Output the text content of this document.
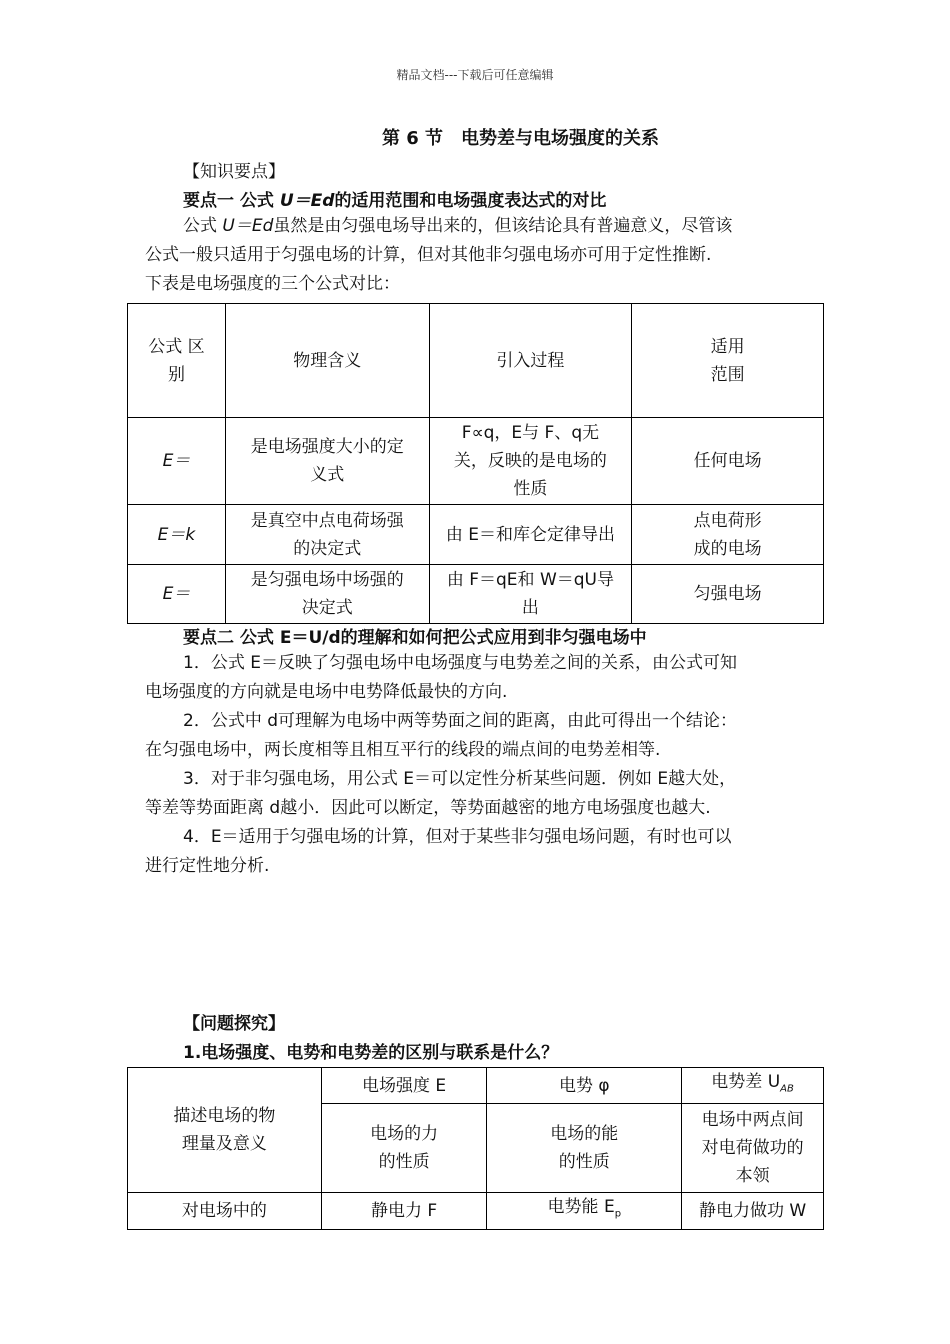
精品文档---下载后可任意编辑
第 6 节　电势差与电场强度的关系
【知识要点】
要点一 公式 U＝Ed的适用范围和电场强度表达式的对比
公式 U＝Ed虽然是由匀强电场导出来的，但该结论具有普遍意义，尽管该
公式一般只适用于匀强电场的计算，但对其他非匀强电场亦可用于定性推断.
下表是电场强度的三个公式对比：
公式 区
别	物理含义	引入过程	适用
范围
E＝	是电场强度大小的定
义式	F∝q，E与 F、q无
关，反映的是电场的
性质	任何电场
E＝k	是真空中点电荷场强
的决定式	由 E＝和库仑定律导出	点电荷形
成的电场
E＝	是匀强电场中场强的
决定式	由 F＝qE和 W＝qU导
出	匀强电场
要点二 公式 E＝U/d的理解和如何把公式应用到非匀强电场中
1．公式 E＝反映了匀强电场中电场强度与电势差之间的关系，由公式可知
电场强度的方向就是电场中电势降低最快的方向.
2．公式中 d可理解为电场中两等势面之间的距离，由此可得出一个结论：
在匀强电场中，两长度相等且相互平行的线段的端点间的电势差相等.
3．对于非匀强电场，用公式 E＝可以定性分析某些问题．例如 E越大处，
等差等势面距离 d越小．因此可以断定，等势面越密的地方电场强度也越大.
4．E＝适用于匀强电场的计算，但对于某些非匀强电场问题，有时也可以
进行定性地分析.
【问题探究】
1.电场强度、电势和电势差的区别与联系是什么？
描述电场的物
理量及意义	电场强度 E	电势 φ	电势差 $U_{AB}$
	电场的力
的性质	电场的能
的性质	电场中两点间
对电荷做功的
本领
对电场中的	静电力 F	电势能 $E_p$	静电力做功 W
